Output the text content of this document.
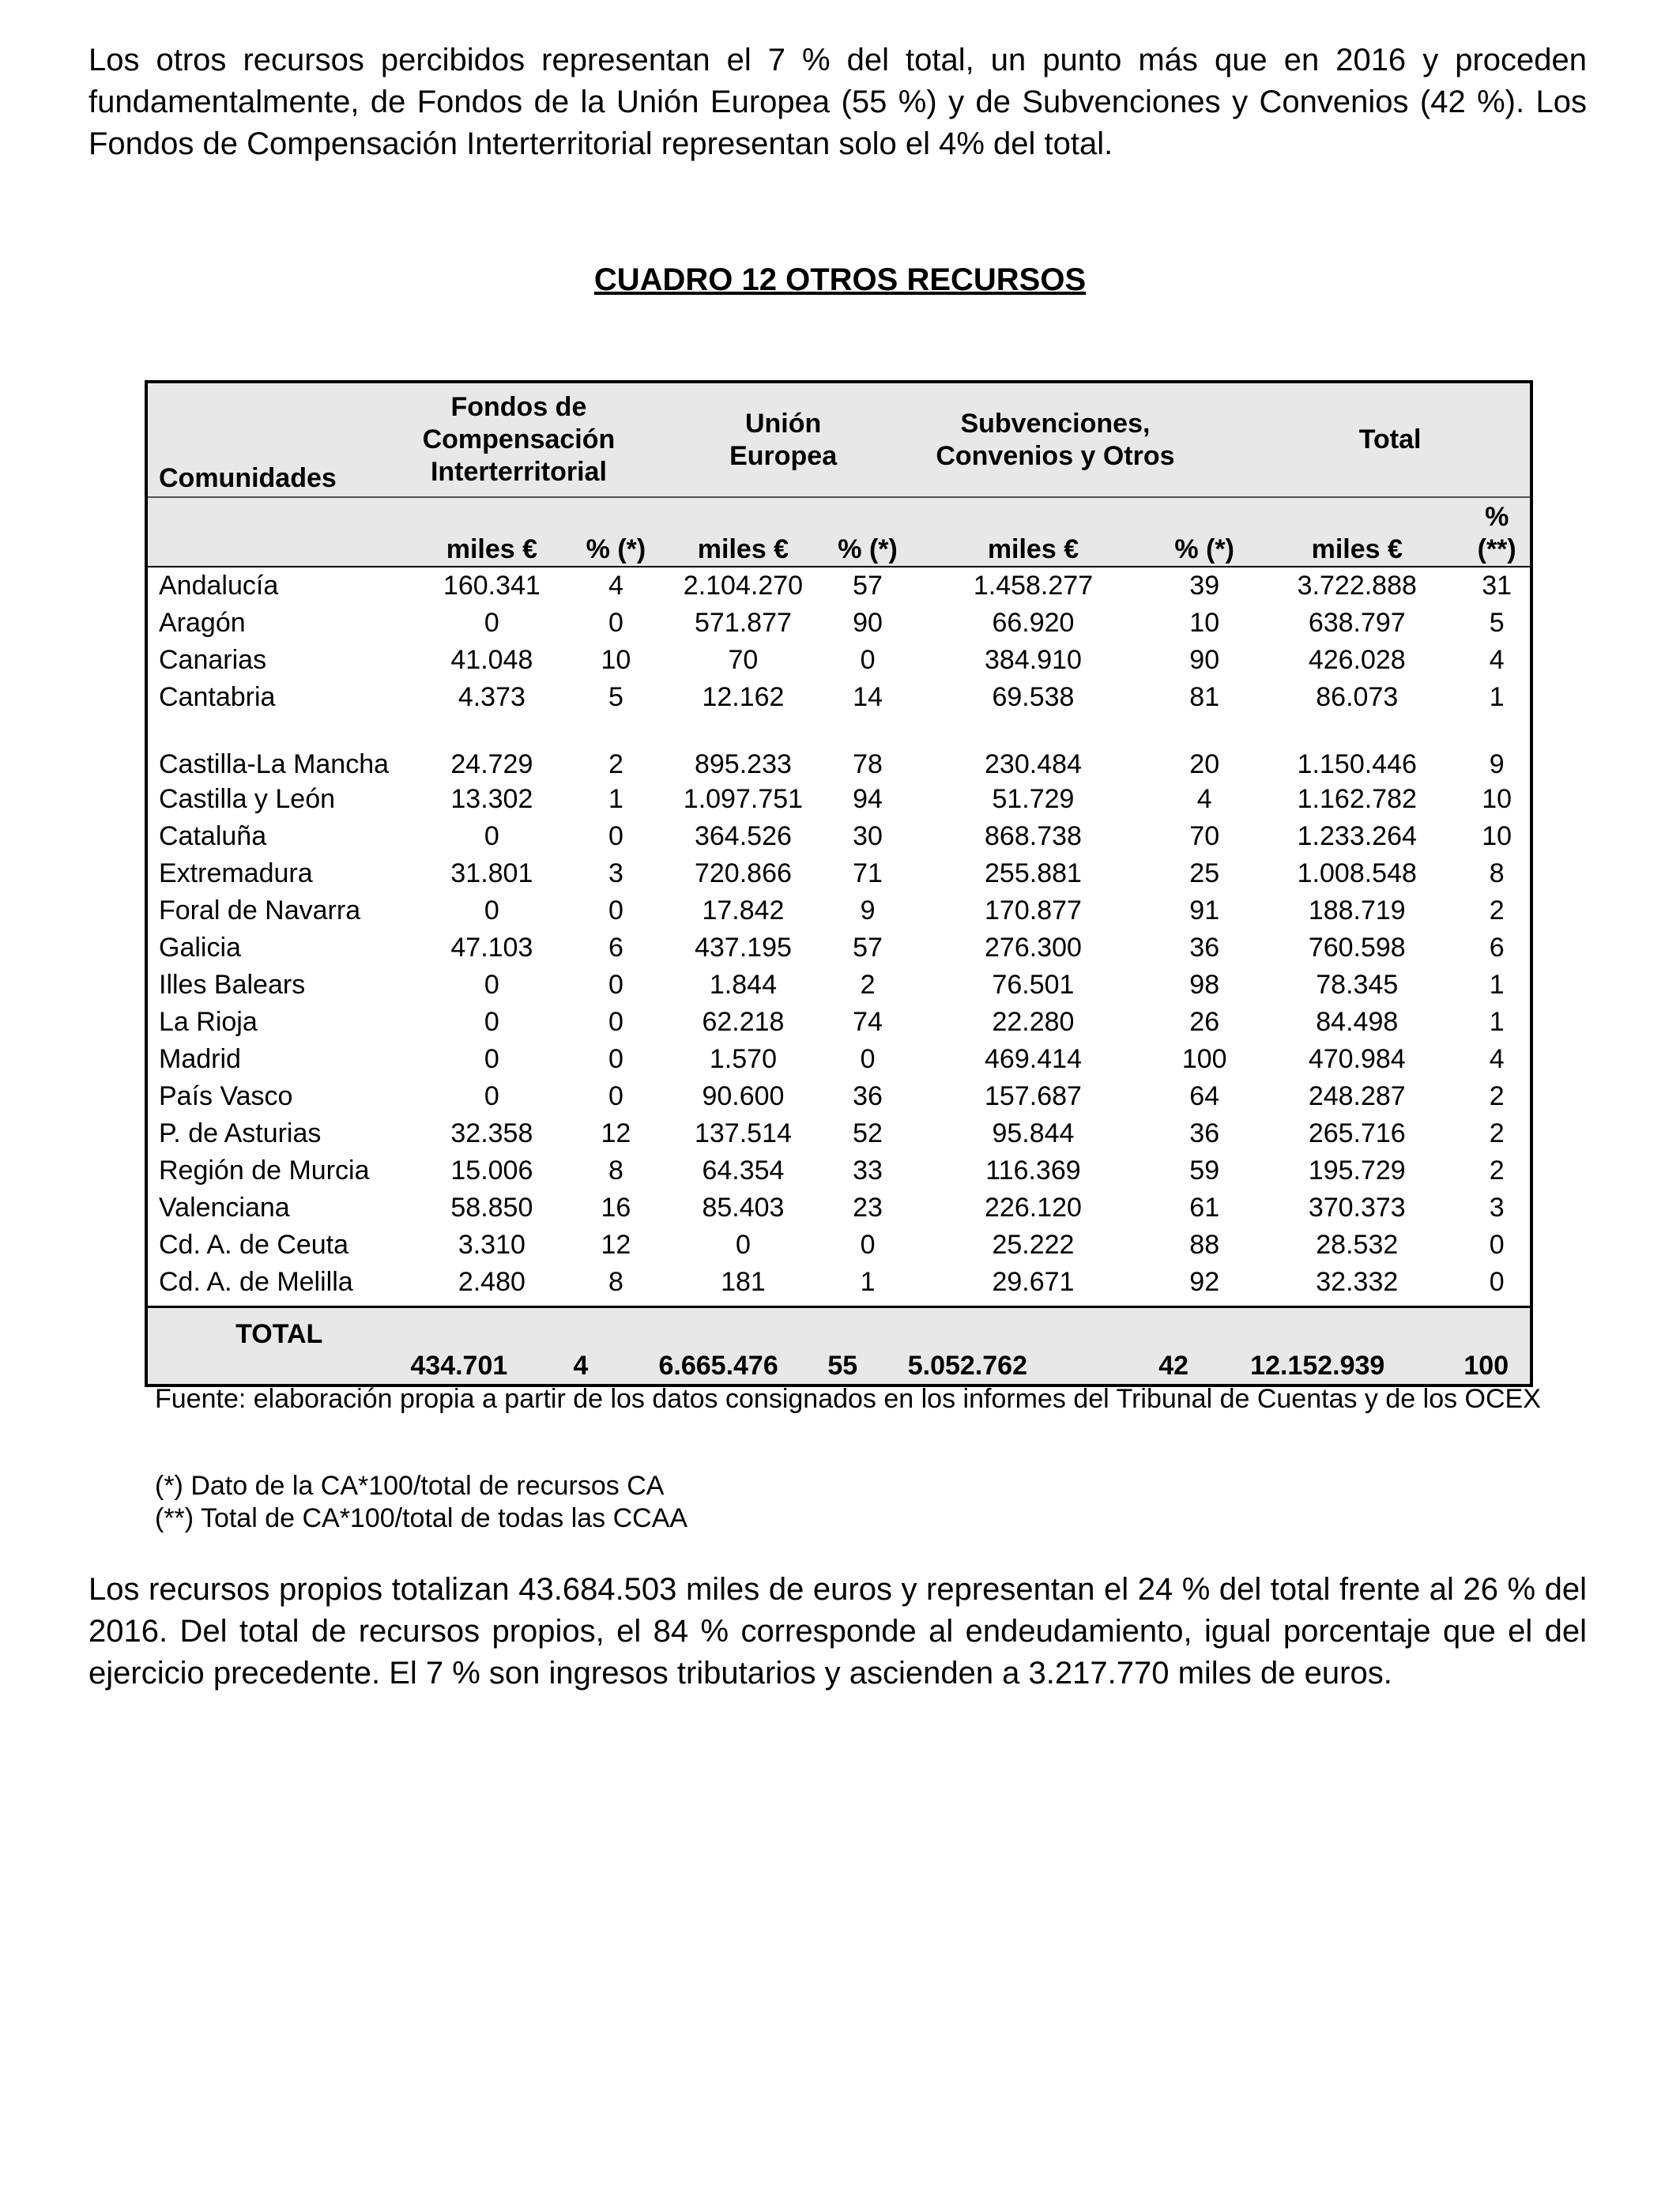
Los otros recursos percibidos representan el 7 % del total, un punto más que en 2016 y proceden fundamentalmente, de Fondos de la Unión Europea (55 %) y de Subvenciones y Convenios (42 %). Los Fondos de Compensación Interterritorial representan solo el 4% del total.

CUADRO 12 OTROS RECURSOS
Comunidades	Fondos de Compensación Interterritorial		Unión Europea		Subvenciones, Convenios y Otros		Total	
	miles €	% (*)	miles €	% (*)	miles €	% (*)	miles €	% (**)
Andalucía	160.341	4	2.104.270	57	1.458.277	39	3.722.888	31
Aragón	0	0	571.877	90	66.920	10	638.797	5
Canarias	41.048	10	70	0	384.910	90	426.028	4
Cantabria	4.373	5	12.162	14	69.538	81	86.073	1
Castilla-La Mancha	24.729	2	895.233	78	230.484	20	1.150.446	9
Castilla y León	13.302	1	1.097.751	94	51.729	4	1.162.782	10
Cataluña	0	0	364.526	30	868.738	70	1.233.264	10
Extremadura	31.801	3	720.866	71	255.881	25	1.008.548	8
Foral de Navarra	0	0	17.842	9	170.877	91	188.719	2
Galicia	47.103	6	437.195	57	276.300	36	760.598	6
Illes Balears	0	0	1.844	2	76.501	98	78.345	1
La Rioja	0	0	62.218	74	22.280	26	84.498	1
Madrid	0	0	1.570	0	469.414	100	470.984	4
País Vasco	0	0	90.600	36	157.687	64	248.287	2
P. de Asturias	32.358	12	137.514	52	95.844	36	265.716	2
Región de Murcia	15.006	8	64.354	33	116.369	59	195.729	2
Valenciana	58.850	16	85.403	23	226.120	61	370.373	3
Cd. A. de Ceuta	3.310	12	0	0	25.222	88	28.532	0
Cd. A. de Melilla	2.480	8	181	1	29.671	92	32.332	0
TOTAL	434.701	4	6.665.476	55	5.052.762	42	12.152.939	100
Fuente: elaboración propia a partir de los datos consignados en los informes del Tribunal de Cuentas y de los OCEX
(*) Dato de la CA*100/total de recursos CA
(**) Total de CA*100/total de todas las CCAA

Los recursos propios totalizan 43.684.503 miles de euros y representan el 24 % del total frente al 26 % del 2016. Del total de recursos propios, el 84 % corresponde al endeudamiento, igual porcentaje que el del ejercicio precedente. El 7 % son ingresos tributarios y ascienden a 3.217.770 miles de euros.
